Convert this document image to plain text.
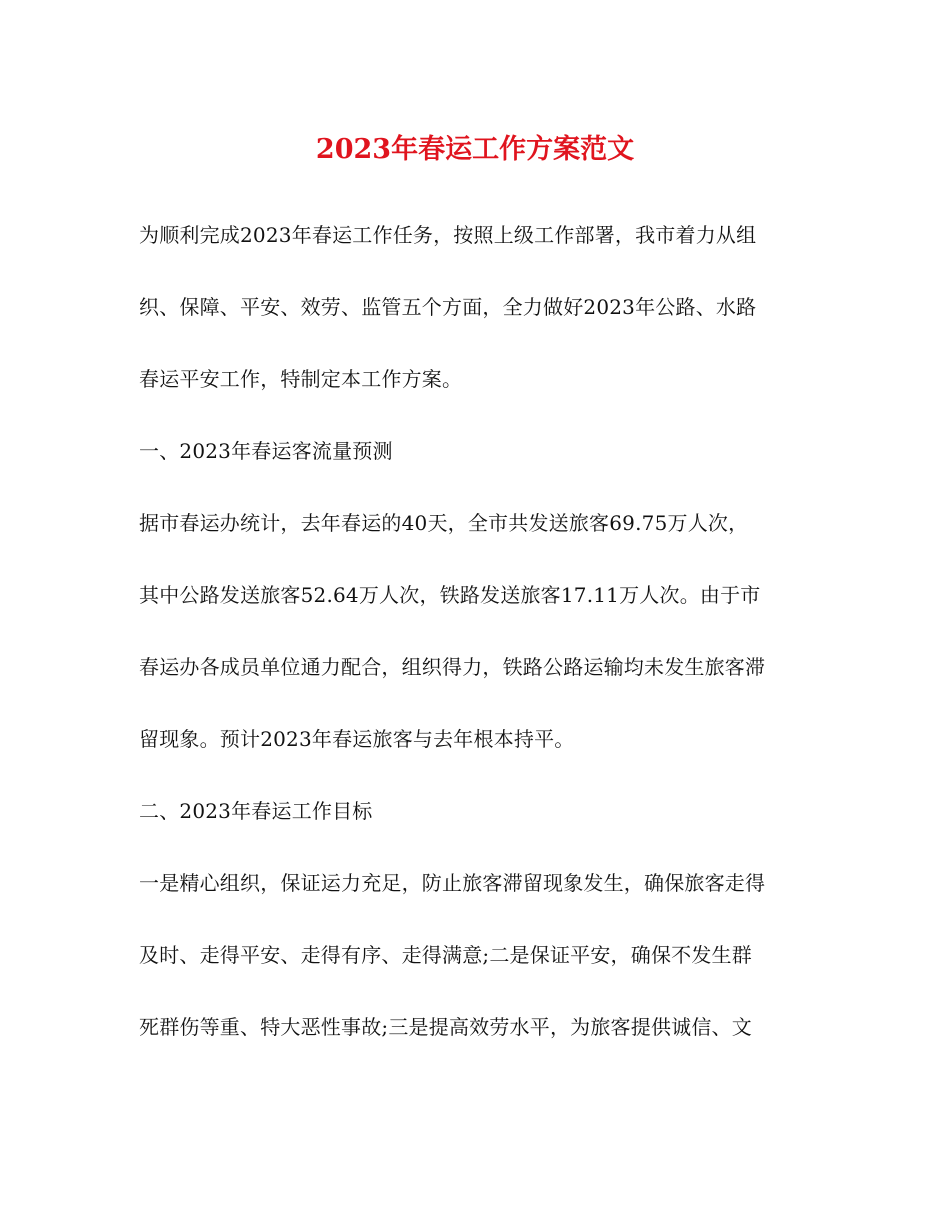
2023年春运工作方案范文
为顺利完成2023年春运工作任务，按照上级工作部署，我市着力从组
织、保障、平安、效劳、监管五个方面，全力做好2023年公路、水路
春运平安工作，特制定本工作方案。
一、2023年春运客流量预测
据市春运办统计，去年春运的40天，全市共发送旅客69.75万人次，
其中公路发送旅客52.64万人次，铁路发送旅客17.11万人次。由于市
春运办各成员单位通力配合，组织得力，铁路公路运输均未发生旅客滞
留现象。预计2023年春运旅客与去年根本持平。
二、2023年春运工作目标
一是精心组织，保证运力充足，防止旅客滞留现象发生，确保旅客走得
及时、走得平安、走得有序、走得满意;二是保证平安，确保不发生群
死群伤等重、特大恶性事故;三是提高效劳水平，为旅客提供诚信、文
